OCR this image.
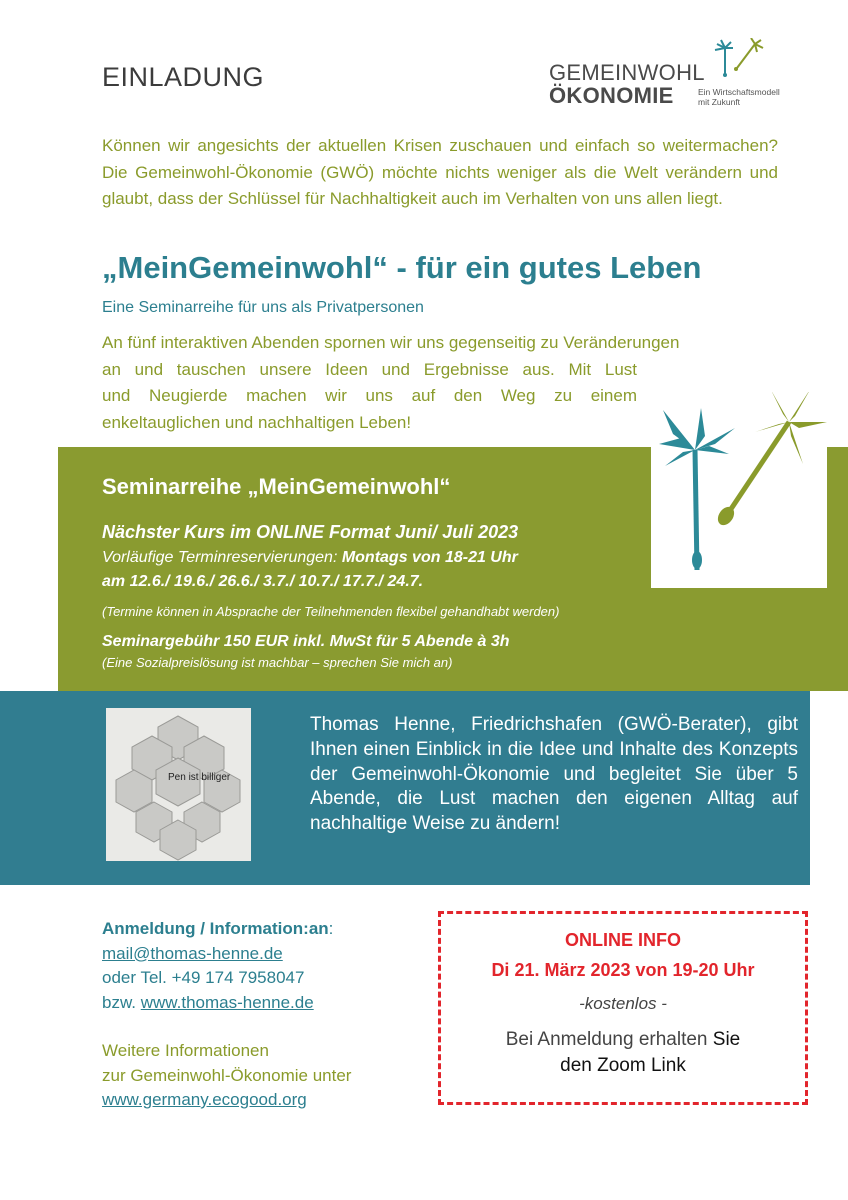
EINLADUNG	GEMEINWOHL
ÖKONOMIE	Ein Wirtschaftsmodell
mit Zukunft
Können wir angesichts der aktuellen Krisen zuschauen und einfach so weitermachen? Die Gemeinwohl-Ökonomie (GWÖ) möchte nichts weniger als die Welt verändern und glaubt, dass der Schlüssel für Nachhaltigkeit auch im Verhalten von uns allen liegt.
„MeinGemeinwohl“ - für ein gutes Leben
Eine Seminarreihe für uns als Privatpersonen
An fünf interaktiven Abenden spornen wir uns gegenseitig zu Veränderungen
an und tauschen unsere Ideen und Ergebnisse aus. Mit Lust
und Neugierde machen wir uns auf den Weg zu einem
enkeltauglichen und nachhaltigen Leben!
Seminarreihe „MeinGemeinwohl“
Nächster Kurs im ONLINE Format Juni/ Juli 2023
Vorläufige Terminreservierungen: Montags von 18-21 Uhr
am 12.6./ 19.6./ 26.6./ 3.7./ 10.7./ 17.7./ 24.7.
(Termine können in Absprache der Teilnehmenden flexibel gehandhabt werden)
Seminargebühr 150 EUR inkl. MwSt für 5 Abende à 3h
(Eine Sozialpreislösung ist machbar – sprechen Sie mich an)
Pen ist billiger
Thomas Henne, Friedrichshafen (GWÖ-Berater), gibt Ihnen einen Einblick in die Idee und Inhalte des Konzepts der Gemeinwohl-Ökonomie und begleitet Sie über 5 Abende, die Lust machen den eigenen Alltag auf nachhaltige Weise zu ändern!
Anmeldung / Information:an:
mail@thomas-henne.de
oder Tel. +49 174 7958047
bzw. www.thomas-henne.de
Weitere Informationen
zur Gemeinwohl-Ökonomie unter
www.germany.ecogood.org
ONLINE INFO
Di 21. März 2023 von 19-20 Uhr
-kostenlos -
Bei Anmeldung erhalten Sie
den Zoom Link
